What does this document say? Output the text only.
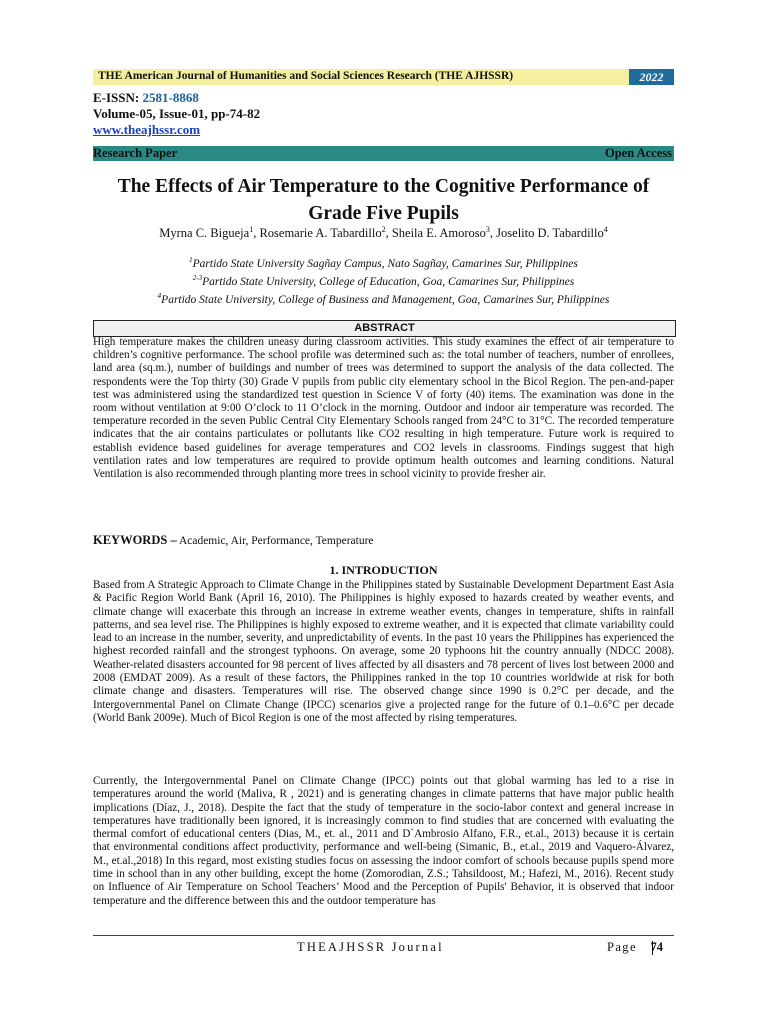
THE American Journal of Humanities and Social Sciences Research (THE AJHSSR)	2022
E-ISSN: 2581-8868
Volume-05, Issue-01, pp-74-82
www.theajhssr.com
Research Paper	Open Access
The Effects of Air Temperature to the Cognitive Performance of Grade Five Pupils
Myrna C. Bigueja$^1$, Rosemarie A. Tabardillo$^2$, Sheila E. Amoroso$^3$, Joselito D. Tabardillo$^4$
$^1$Partido State University Sagñay Campus, Nato Sagñay, Camarines Sur, Philippines
$^{2-3}$Partido State University, College of Education, Goa, Camarines Sur, Philippines
$^4$Partido State University, College of Business and Management, Goa, Camarines Sur, Philippines
ABSTRACT
High temperature makes the children uneasy during classroom activities. This study examines the effect of air temperature to children’s cognitive performance. The school profile was determined such as: the total number of teachers, number of enrollees, land area (sq.m.), number of buildings and number of trees was determined to support the analysis of the data collected. The respondents were the Top thirty (30) Grade V pupils from public city elementary school in the Bicol Region. The pen-and-paper test was administered using the standardized test question in Science V of forty (40) items. The examination was done in the room without ventilation at 9:00 O’clock to 11 O’clock in the morning. Outdoor and indoor air temperature was recorded. The temperature recorded in the seven Public Central City Elementary Schools ranged from 24°C to 31°C. The recorded temperature indicates that the air contains particulates or pollutants like CO2 resulting in high temperature. Future work is required to establish evidence based guidelines for average temperatures and CO2 levels in classrooms. Findings suggest that high ventilation rates and low temperatures are required to provide optimum health outcomes and learning conditions. Natural Ventilation is also recommended through planting more trees in school vicinity to provide fresher air.
KEYWORDS – Academic, Air, Performance, Temperature
1. INTRODUCTION
Based from A Strategic Approach to Climate Change in the Philippines stated by Sustainable Development Department East Asia & Pacific Region World Bank (April 16, 2010). The Philippines is highly exposed to hazards created by weather events, and climate change will exacerbate this through an increase in extreme weather events, changes in temperature, shifts in rainfall patterns, and sea level rise. The Philippines is highly exposed to extreme weather, and it is expected that climate variability could lead to an increase in the number, severity, and unpredictability of events. In the past 10 years the Philippines has experienced the highest recorded rainfall and the strongest typhoons. On average, some 20 typhoons hit the country annually (NDCC 2008). Weather-related disasters accounted for 98 percent of lives affected by all disasters and 78 percent of lives lost between 2000 and 2008 (EMDAT 2009). As a result of these factors, the Philippines ranked in the top 10 countries worldwide at risk for both climate change and disasters. Temperatures will rise. The observed change since 1990 is 0.2°C per decade, and the Intergovernmental Panel on Climate Change (IPCC) scenarios give a projected range for the future of 0.1–0.6°C per decade (World Bank 2009e). Much of Bicol Region is one of the most affected by rising temperatures.
Currently, the Intergovernmental Panel on Climate Change (IPCC) points out that global warming has led to a rise in temperatures around the world (Maliva, R , 2021) and is generating changes in climate patterns that have major public health implications (Díaz, J., 2018). Despite the fact that the study of temperature in the socio-labor context and general increase in temperatures have traditionally been ignored, it is increasingly common to find studies that are concerned with evaluating the thermal comfort of educational centers (Dias, M., et. al., 2011 and D`Ambrosio Alfano, F.R., et.al., 2013) because it is certain that environmental conditions affect productivity, performance and well-being (Simanic, B., et.al., 2019 and Vaquero-Álvarez, M., et.al.,2018) In this regard, most existing studies focus on assessing the indoor comfort of schools because pupils spend more time in school than in any other building, except the home (Zomorodian, Z.S.; Tahsildoost, M.; Hafezi, M., 2016). Recent study on Influence of Air Temperature on School Teachers’ Mood and the Perception of Pupils' Behavior, it is observed that indoor temperature and the difference between this and the outdoor temperature has
THEAJHSSR Journal	Page   74
